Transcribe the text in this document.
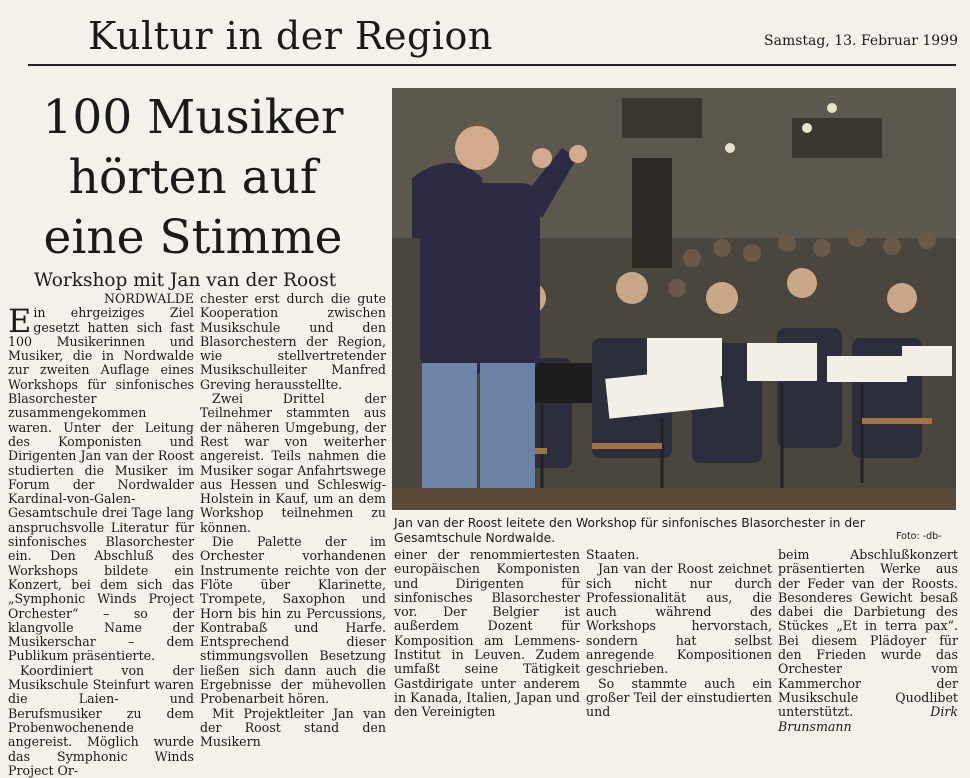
Kultur in der Region	Samstag, 13. Februar 1999
100 Musiker
hörten auf
eine Stimme
Workshop mit Jan van der Roost
NORDWALDE

Ein ehrgeiziges Ziel gesetzt hatten sich fast 100 Musikerinnen und Musiker, die in Nordwalde zur zweiten Auflage eines Workshops für sinfonisches Blasorchester zusammengekommen waren. Unter der Leitung des Komponisten und Dirigenten Jan van der Roost studierten die Musiker im Forum der Nordwalder Kardinal-von-Galen-Gesamtschule drei Tage lang anspruchsvolle Literatur für sinfonisches Blasorchester ein. Den Abschluß des Workshops bildete ein Konzert, bei dem sich das „Symphonic Winds Project Orchester“ – so der klangvolle Name der Musikerschar – dem Publikum präsentierte.

Koordiniert von der Musikschule Steinfurt waren die Laien- und Berufsmusiker zu dem Probenwochenende angereist. Möglich wurde das Symphonic Winds Project Or-

chester erst durch die gute Kooperation zwischen Musikschule und den Blasorchestern der Region, wie stellvertretender Musikschulleiter Manfred Greving herausstellte.

Zwei Drittel der Teilnehmer stammten aus der näheren Umgebung, der Rest war von weiterher angereist. Teils nahmen die Musiker sogar Anfahrtswege aus Hessen und Schleswig-Holstein in Kauf, um an dem Workshop teilnehmen zu können.

Die Palette der im Orchester vorhandenen Instrumente reichte von der Flöte über Klarinette, Trompete, Saxophon und Horn bis hin zu Percussions, Kontrabaß und Harfe. Entsprechend dieser stimmungsvollen Besetzung ließen sich dann auch die Ergebnisse der mühevollen Probenarbeit hören.

Mit Projektleiter Jan van der Roost stand den Musikern

Jan van der Roost leitete den Workshop für sinfonisches Blasorchester in der Gesamtschule Nordwalde.	Foto: -db-

einer der renommiertesten europäischen Komponisten und Dirigenten für sinfonisches Blasorchester vor. Der Belgier ist außerdem Dozent für Komposition am Lemmens-Institut in Leuven. Zudem umfaßt seine Tätigkeit Gastdirigate unter anderem in Kanada, Italien, Japan und den Vereinigten

Staaten.

Jan van der Roost zeichnet sich nicht nur durch Professionalität aus, die auch während des Workshops hervorstach, sondern hat selbst anregende Kompositionen geschrieben.

So stammte auch ein großer Teil der einstudierten und

beim Abschlußkonzert präsentierten Werke aus der Feder van der Roosts. Besonderes Gewicht besaß dabei die Darbietung des Stückes „Et in terra pax“. Bei diesem Plädoyer für den Frieden wurde das Orchester vom Kammerchor der Musikschule Quodlibet unterstützt.	Dirk Brunsmann
